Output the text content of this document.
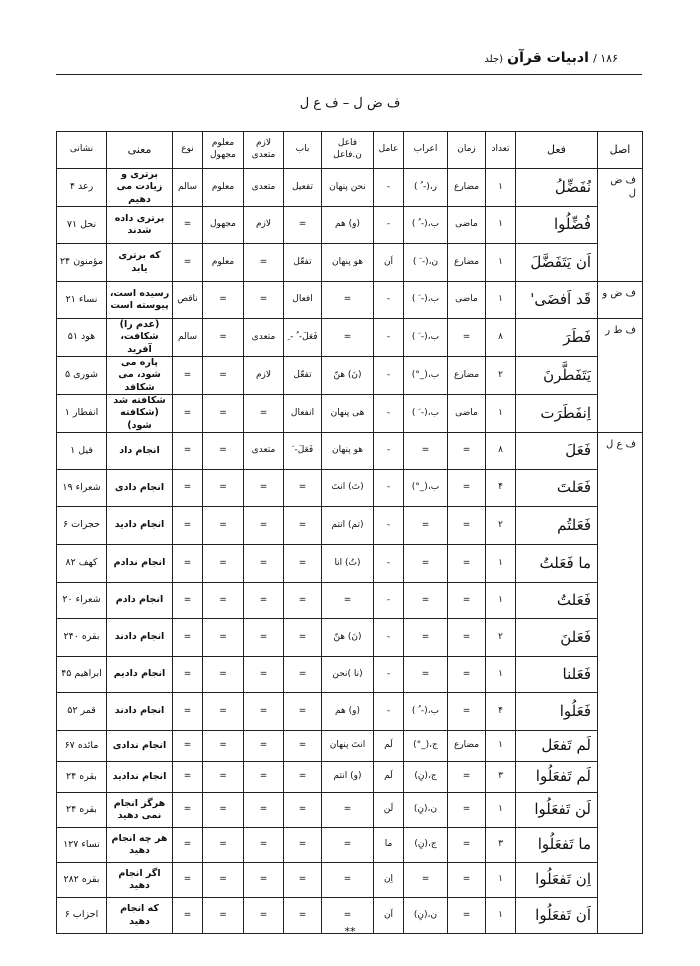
۱۸۶ / ادبیات قرآن (جلد
ف ض ل – ف ع ل
اصل	فعل	تعداد	زمان	اعراب	عامل	فاعل ن.فاعل	باب	لازم متعدی	معلوم مجهول	نوع	معنی	نشانی
ف ض ل	نُفَضِّلُ	۱	مضارع	ر،(- ُ )	-	نحن پنهان	تفعیل	متعدی	معلوم	سالم	برتری و زیادت می دهیم	رعد ۴
	فُضِّلُوا	۱	ماضی	ب،(- ُ )	-	(و) هم	=	لازم	مجهول	=	برتری داده شدند	نحل ۷۱
	اَن يَتَفَضَّلَ	۱	مضارع	ن،(- َ )	اَن	هو پنهان	تفعّل	=	معلوم	=	که برتری یابد	مؤمنون ۲۴
ف ض و	قَد اَفضَى'	۱	ماضی	ب،(- َ )	-	=	افعال	=	=	ناقص	رسیده است، پیوسته است	نساء ۲۱
ف ط ر	فَطَرَ	۸	=	ب،(- َ )	-	=	فَعَلَ- ُ - ِ	متعدی	=	سالم	(عدم را) شکافت، آفرید	هود ۵۱
	يَتَفَطَّرنَ	۲	مضارع	ب،(_°)	-	(نَ) هنّ	تفعّل	لازم	=	=	پاره می شود، می شکافد	شوری ۵
	اِنفَطَرَت	۱	ماضی	ب،(- َ )	-	هی پنهان	انفعال	=	=	=	شکافته شد (شکافته شود)	انفطار ۱
ف ع ل	فَعَلَ	۸	=	=	-	هو پنهان	فَعَلَ- َ	متعدی	=	=	انجام داد	فیل ۱
	فَعَلتَ	۴	=	ب،(_°)	-	(تَ) انتَ	=	=	=	=	انجام دادی	شعراء ۱۹
	فَعَلتُم	۲	=	=	-	(تم) انتم	=	=	=	=	انجام دادید	حجرات ۶
	ما فَعَلتُ	۱	=	=	-	(تُ) انا	=	=	=	=	انجام ندادم	کهف ۸۲
	فَعَلتُ	۱	=	=	-	=	=	=	=	=	انجام دادم	شعراء ۲۰
	فَعَلنَ	۲	=	=	-	(نَ) هنّ	=	=	=	=	انجام دادند	بقره ۲۴۰
	فَعَلنا	۱	=	=	-	(نا )نحن	=	=	=	=	انجام دادیم	ابراهیم ۴۵
	فَعَلُوا	۴	=	ب،(- ُ )	-	(و) هم	=	=	=	=	انجام دادند	قمر ۵۲
	لَم تَفعَل	۱	مضارع	ج،(_°)	لَم	انتَ پنهان	=	=	=	=	انجام ندادی	مائده ۶۷
	لَم تَفعَلُوا	۳	=	ج،(نِ)	لَم	(و) انتم	=	=	=	=	انجام ندادید	بقره ۲۴
	لَن تَفعَلُوا	۱	=	ن،(نِ)	لَن	=	=	=	=	=	هرگز انجام نمی دهید	بقره ۲۴
	ما تَفعَلُوا	۳	=	ج،(نِ)	ما	=	=	=	=	=	هر چه انجام دهید	نساء ۱۲۷
	اِن تَفعَلُوا	۱	=	=	اِن	=	=	=	=	=	اگر انجام دهید	بقره ۲۸۲
	اَن تَفعَلُوا	۱	=	ن،(نِ)	اَن	=	=	=	=	=	که انجام دهید	احزاب ۶
**
